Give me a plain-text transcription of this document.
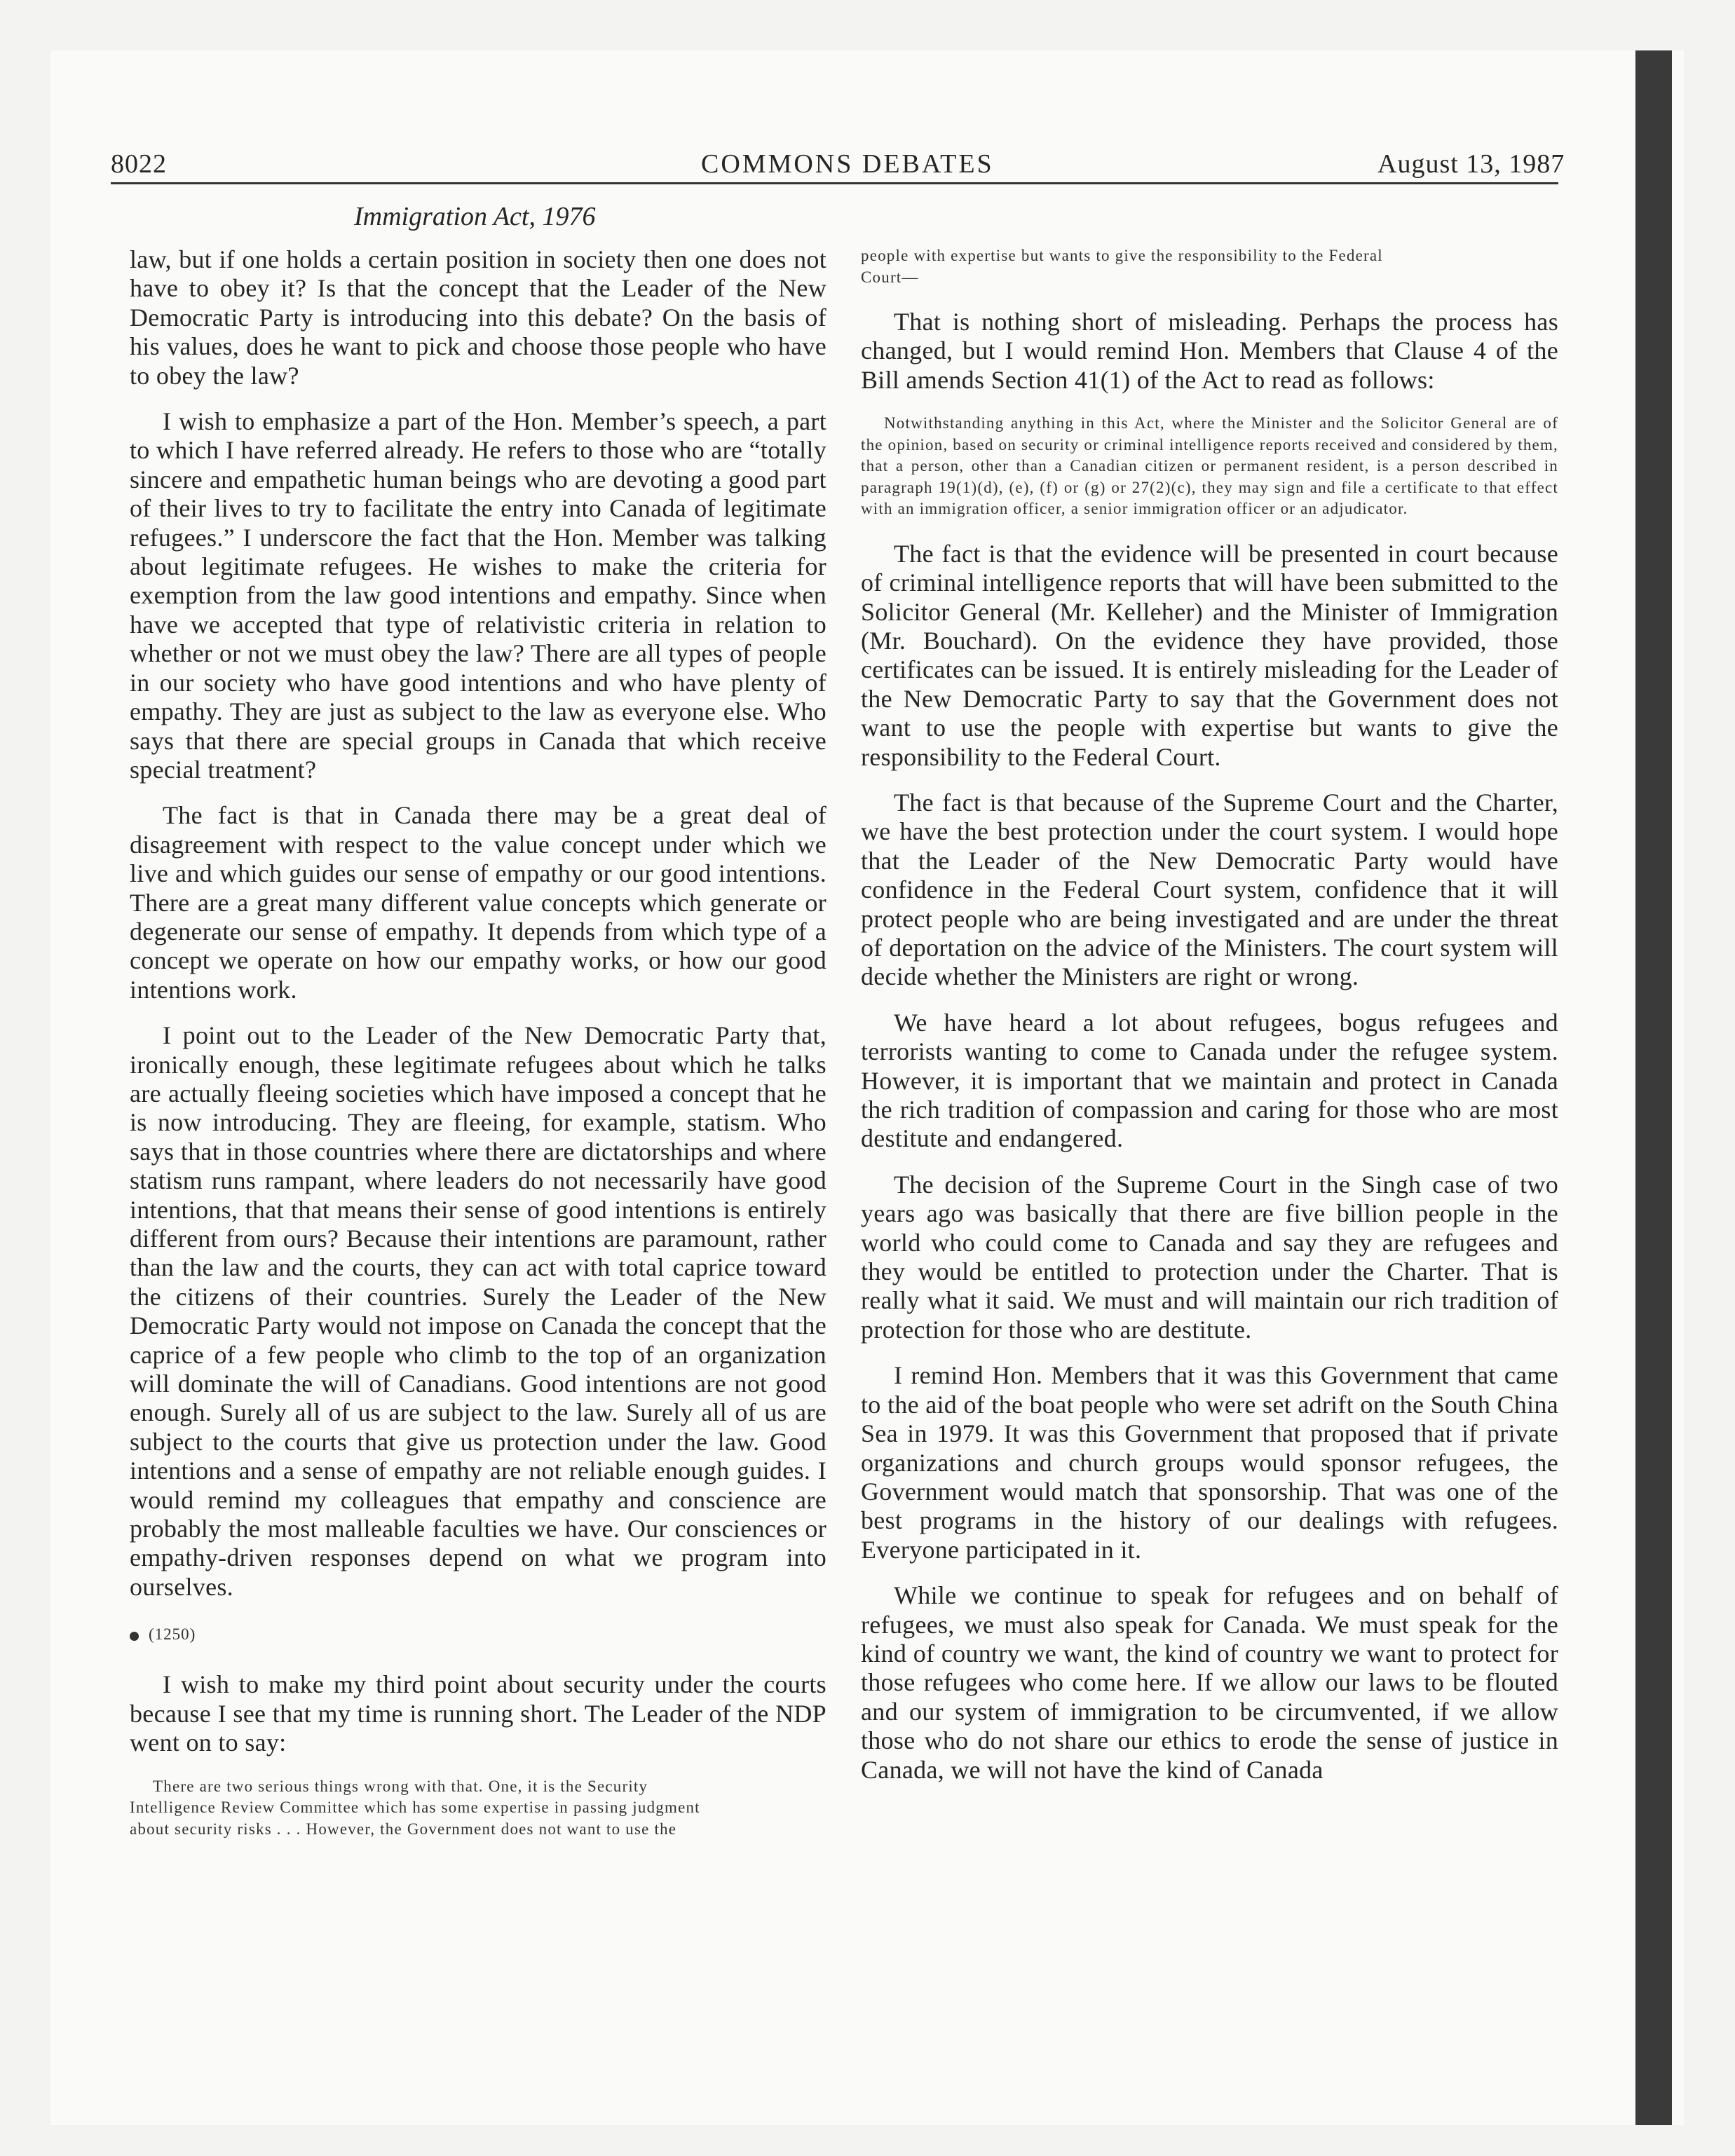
8022	COMMONS DEBATES	August 13, 1987
Immigration Act, 1976

law, but if one holds a certain position in society then one does not have to obey it? Is that the concept that the Leader of the New Democratic Party is introducing into this debate? On the basis of his values, does he want to pick and choose those people who have to obey the law?

I wish to emphasize a part of the Hon. Member’s speech, a part to which I have referred already. He refers to those who are “totally sincere and empathetic human beings who are devoting a good part of their lives to try to facilitate the entry into Canada of legitimate refugees.” I underscore the fact that the Hon. Member was talking about legitimate refugees. He wishes to make the criteria for exemption from the law good intentions and empathy. Since when have we accepted that type of relativistic criteria in relation to whether or not we must obey the law? There are all types of people in our society who have good intentions and who have plenty of empathy. They are just as subject to the law as everyone else. Who says that there are special groups in Canada that which receive special treatment?

The fact is that in Canada there may be a great deal of disagreement with respect to the value concept under which we live and which guides our sense of empathy or our good intentions. There are a great many different value concepts which generate or degenerate our sense of empathy. It depends from which type of a concept we operate on how our empathy works, or how our good intentions work.

I point out to the Leader of the New Democratic Party that, ironically enough, these legitimate refugees about which he talks are actually fleeing societies which have imposed a concept that he is now introducing. They are fleeing, for example, statism. Who says that in those countries where there are dictatorships and where statism runs rampant, where leaders do not necessarily have good intentions, that that means their sense of good intentions is entirely different from ours? Because their intentions are paramount, rather than the law and the courts, they can act with total caprice toward the citizens of their countries. Surely the Leader of the New Democratic Party would not impose on Canada the concept that the caprice of a few people who climb to the top of an organization will dominate the will of Canadians. Good intentions are not good enough. Surely all of us are subject to the law. Surely all of us are subject to the courts that give us protection under the law. Good intentions and a sense of empathy are not reliable enough guides. I would remind my colleagues that empathy and conscience are probably the most malleable faculties we have. Our consciences or empathy-driven responses depend on what we program into ourselves.

(1250)

I wish to make my third point about security under the courts because I see that my time is running short. The Leader of the NDP went on to say:

There are two serious things wrong with that. One, it is the Security
Intelligence Review Committee which has some expertise in passing judgment
about security risks . . . However, the Government does not want to use the
people with expertise but wants to give the responsibility to the Federal
Court—

That is nothing short of misleading. Perhaps the process has changed, but I would remind Hon. Members that Clause 4 of the Bill amends Section 41(1) of the Act to read as follows:

Notwithstanding anything in this Act, where the Minister and the Solicitor General are of the opinion, based on security or criminal intelligence reports received and considered by them, that a person, other than a Canadian citizen or permanent resident, is a person described in paragraph 19(1)(d), (e), (f) or (g) or 27(2)(c), they may sign and file a certificate to that effect with an immigration officer, a senior immigration officer or an adjudicator.

The fact is that the evidence will be presented in court because of criminal intelligence reports that will have been submitted to the Solicitor General (Mr. Kelleher) and the Minister of Immigration (Mr. Bouchard). On the evidence they have provided, those certificates can be issued. It is entirely misleading for the Leader of the New Democratic Party to say that the Government does not want to use the people with expertise but wants to give the responsibility to the Federal Court.

The fact is that because of the Supreme Court and the Charter, we have the best protection under the court system. I would hope that the Leader of the New Democratic Party would have confidence in the Federal Court system, confidence that it will protect people who are being investigated and are under the threat of deportation on the advice of the Ministers. The court system will decide whether the Ministers are right or wrong.

We have heard a lot about refugees, bogus refugees and terrorists wanting to come to Canada under the refugee system. However, it is important that we maintain and protect in Canada the rich tradition of compassion and caring for those who are most destitute and endangered.

The decision of the Supreme Court in the Singh case of two years ago was basically that there are five billion people in the world who could come to Canada and say they are refugees and they would be entitled to protection under the Charter. That is really what it said. We must and will maintain our rich tradition of protection for those who are destitute.

I remind Hon. Members that it was this Government that came to the aid of the boat people who were set adrift on the South China Sea in 1979. It was this Government that proposed that if private organizations and church groups would sponsor refugees, the Government would match that sponsorship. That was one of the best programs in the history of our dealings with refugees. Everyone participated in it.

While we continue to speak for refugees and on behalf of refugees, we must also speak for Canada. We must speak for the kind of country we want, the kind of country we want to protect for those refugees who come here. If we allow our laws to be flouted and our system of immigration to be circumvented, if we allow those who do not share our ethics to erode the sense of justice in Canada, we will not have the kind of Canada
